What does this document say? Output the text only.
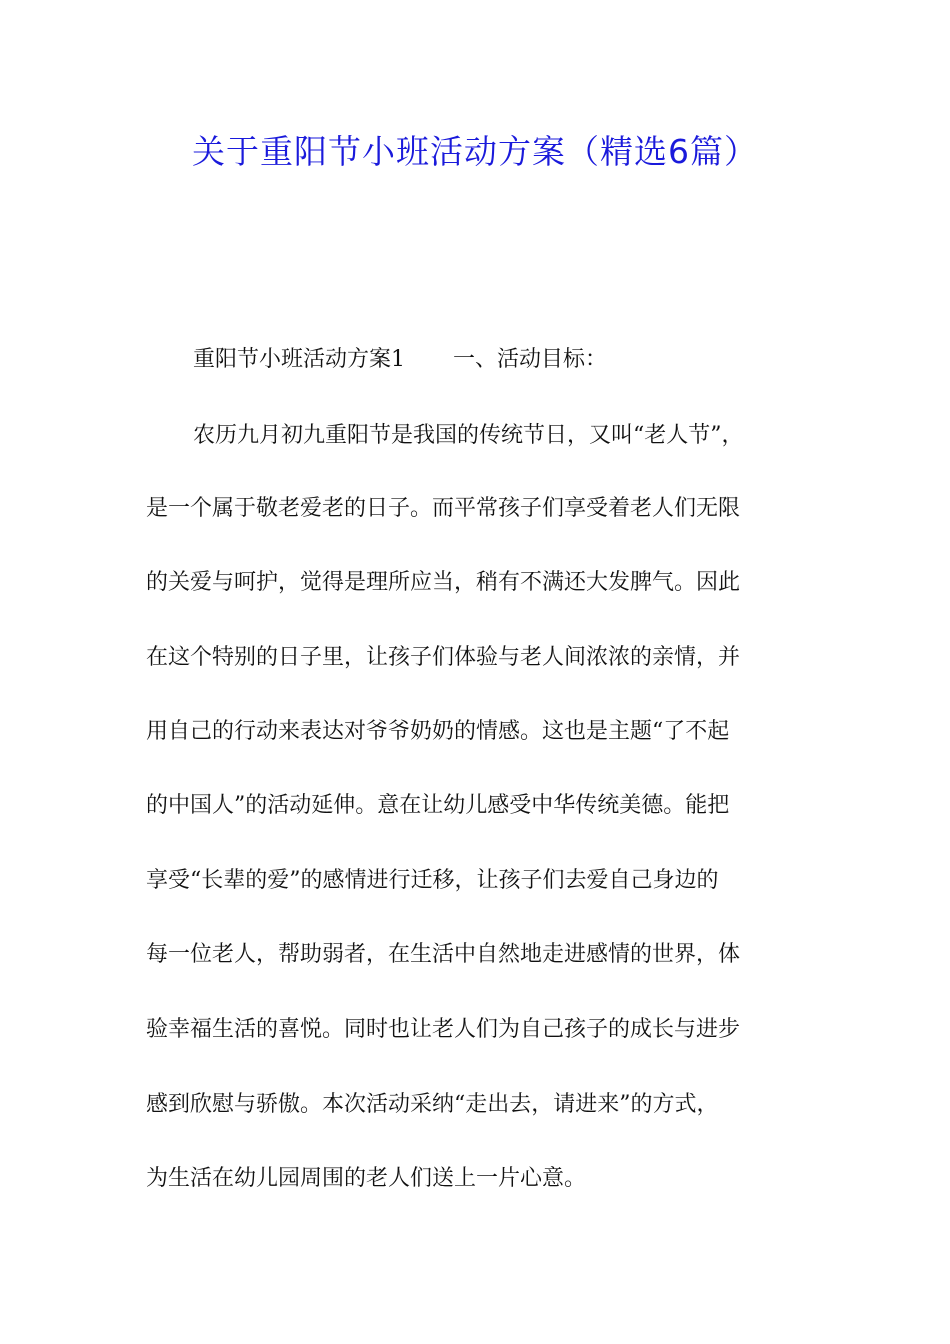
关于重阳节小班活动方案（精选6篇）
重阳节小班活动方案1 一、活动目标：
农历九月初九重阳节是我国的传统节日，又叫“老人节”，
是一个属于敬老爱老的日子。而平常孩子们享受着老人们无限
的关爱与呵护，觉得是理所应当，稍有不满还大发脾气。因此
在这个特别的日子里，让孩子们体验与老人间浓浓的亲情，并
用自己的行动来表达对爷爷奶奶的情感。这也是主题“了不起
的中国人”的活动延伸。意在让幼儿感受中华传统美德。能把
享受“长辈的爱”的感情进行迁移，让孩子们去爱自己身边的
每一位老人，帮助弱者，在生活中自然地走进感情的世界，体
验幸福生活的喜悦。同时也让老人们为自己孩子的成长与进步
感到欣慰与骄傲。本次活动采纳“走出去，请进来”的方式，
为生活在幼儿园周围的老人们送上一片心意。
